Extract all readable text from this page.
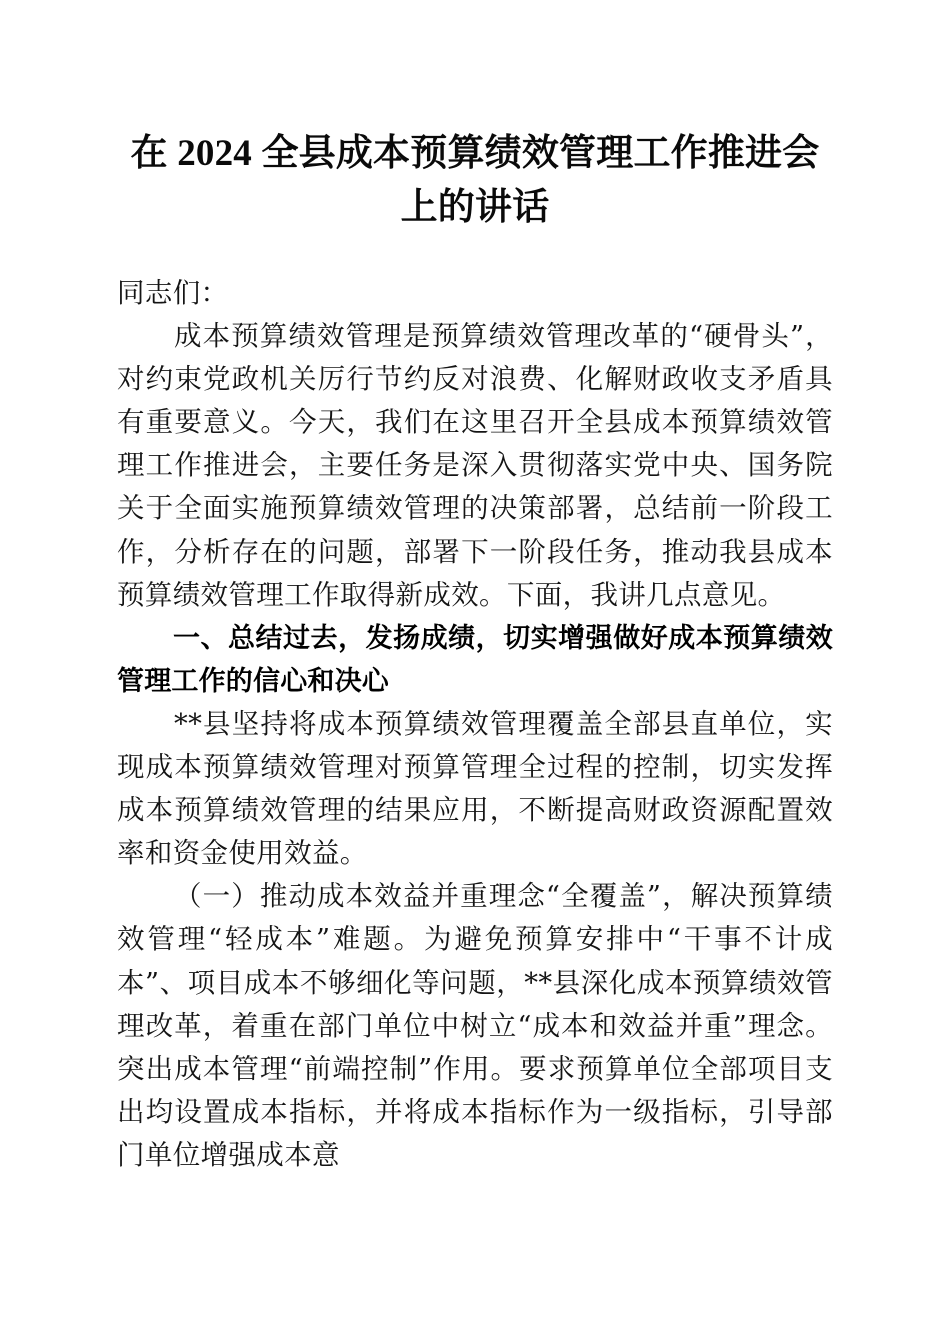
在 2024 全县成本预算绩效管理工作推进会上的讲话

同志们：

成本预算绩效管理是预算绩效管理改革的“硬骨头”，对约束党政机关厉行节约反对浪费、化解财政收支矛盾具有重要意义。今天，我们在这里召开全县成本预算绩效管理工作推进会，主要任务是深入贯彻落实党中央、国务院关于全面实施预算绩效管理的决策部署，总结前一阶段工作，分析存在的问题，部署下一阶段任务，推动我县成本预算绩效管理工作取得新成效。下面，我讲几点意见。

一、总结过去，发扬成绩，切实增强做好成本预算绩效管理工作的信心和决心

**县坚持将成本预算绩效管理覆盖全部县直单位，实现成本预算绩效管理对预算管理全过程的控制，切实发挥成本预算绩效管理的结果应用，不断提高财政资源配置效率和资金使用效益。

（一）推动成本效益并重理念“全覆盖”，解决预算绩效管理“轻成本”难题。为避免预算安排中“干事不计成本”、项目成本不够细化等问题，**县深化成本预算绩效管理改革，着重在部门单位中树立“成本和效益并重”理念。突出成本管理“前端控制”作用。要求预算单位全部项目支出均设置成本指标，并将成本指标作为一级指标，引导部门单位增强成本意
